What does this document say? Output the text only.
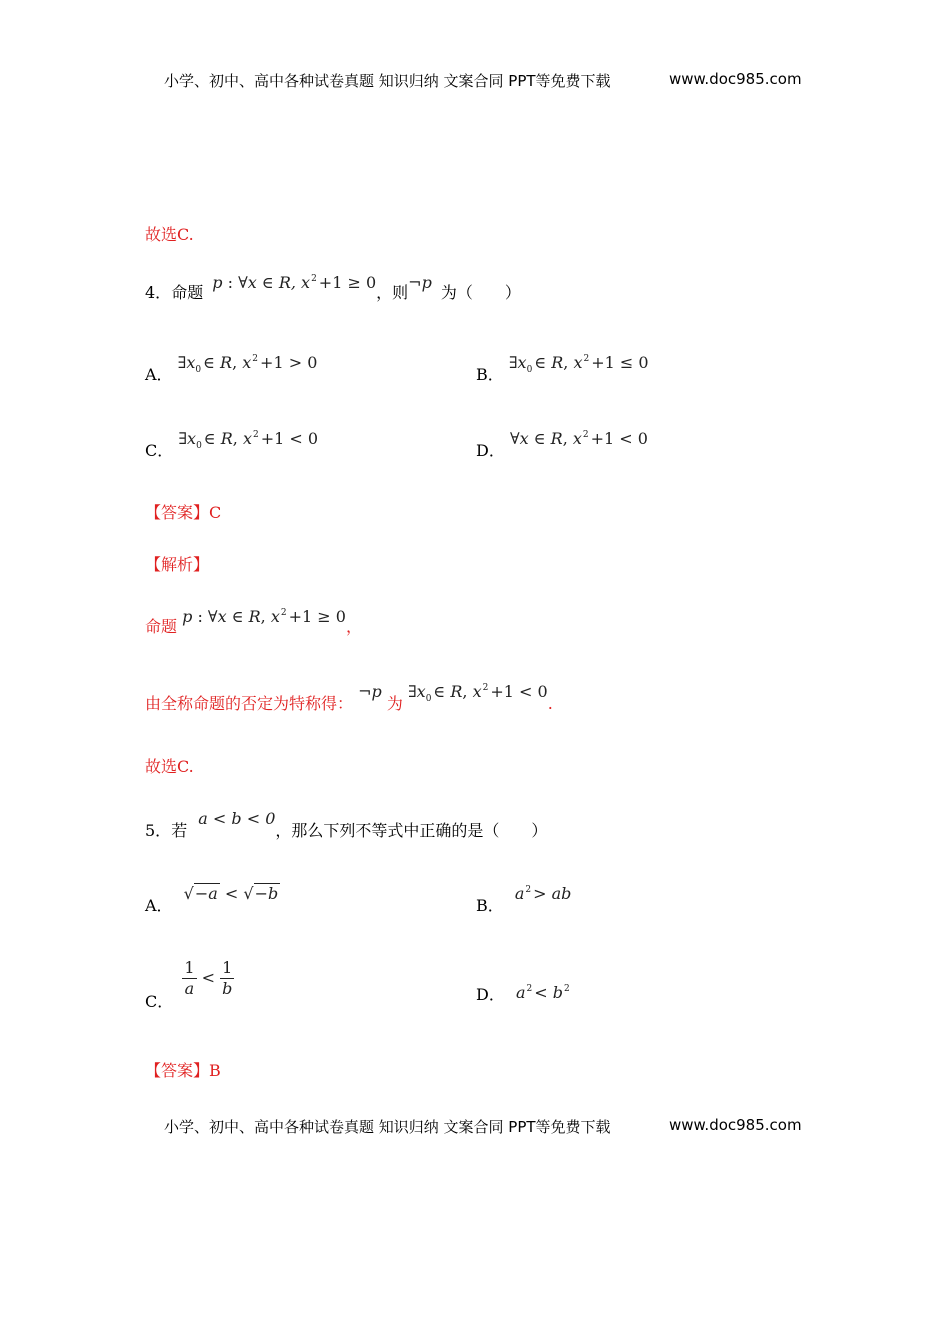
小学、初中、高中各种试卷真题 知识归纳 文案合同 PPT等免费下载	www.doc985.com
故选C.
4．命题 p : ∀x ∈ R, $x^2 +1 \ge 0$，则¬p 为（　　）
A． $\exists x_0$ ∈ R, $x^2 +1 > 0$
B． $\exists x_0$ ∈ R, $x^2 +1 \le 0$
C． $\exists x_0$ ∈ R, $x^2 +1 < 0$
D． ∀x ∈ R, $x^2 +1 < 0$
【答案】C
【解析】
命题 p : ∀x ∈ R, $x^2 +1 \ge 0$，
由全称命题的否定为特称得： ¬p 为 $\exists x_0$ ∈ R, $x^2 +1 < 0$.
故选C.
5．若 a < b < 0，那么下列不等式中正确的是（　　）
A． √−a < √−b
B． $a^2$ > ab
C．
$\frac{1}{a} < \frac{1}{b}$	D． $a^2 < b^2$
【答案】B
小学、初中、高中各种试卷真题 知识归纳 文案合同 PPT等免费下载	www.doc985.com
